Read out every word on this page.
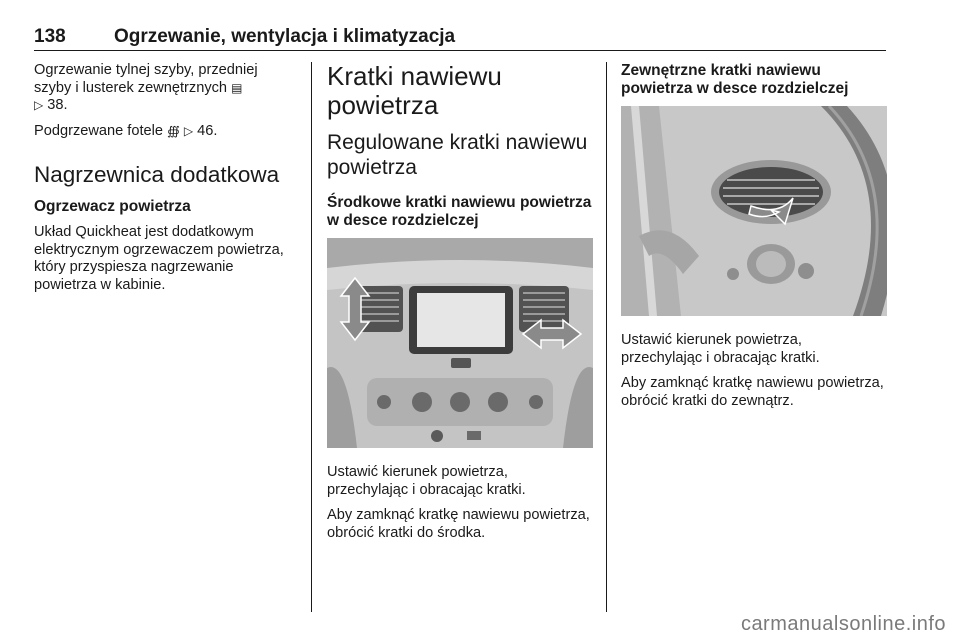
138	Ogrzewanie, wentylacja i klimatyzacja

Ogrzewanie tylnej szyby, przedniej szyby i lusterek zewnętrznych ▤
▷ 38.

Podgrzewane fotele ∰ ▷ 46.

Nagrzewnica dodatkowa
Ogrzewacz powietrza

Układ Quickheat jest dodatkowym elektrycznym ogrzewaczem powietrza, który przyspiesza nagrzewanie powietrza w kabinie.

Kratki nawiewu powietrza
Regulowane kratki nawiewu powietrza
Środkowe kratki nawiewu powietrza w desce rozdzielczej

Ustawić kierunek powietrza, przechylając i obracając kratki.

Aby zamknąć kratkę nawiewu powietrza, obrócić kratki do środka.

Zewnętrzne kratki nawiewu powietrza w desce rozdzielczej

Ustawić kierunek powietrza, przechylając i obracając kratki.

Aby zamknąć kratkę nawiewu powietrza, obrócić kratki do zewnątrz.

carmanualsonline.info
